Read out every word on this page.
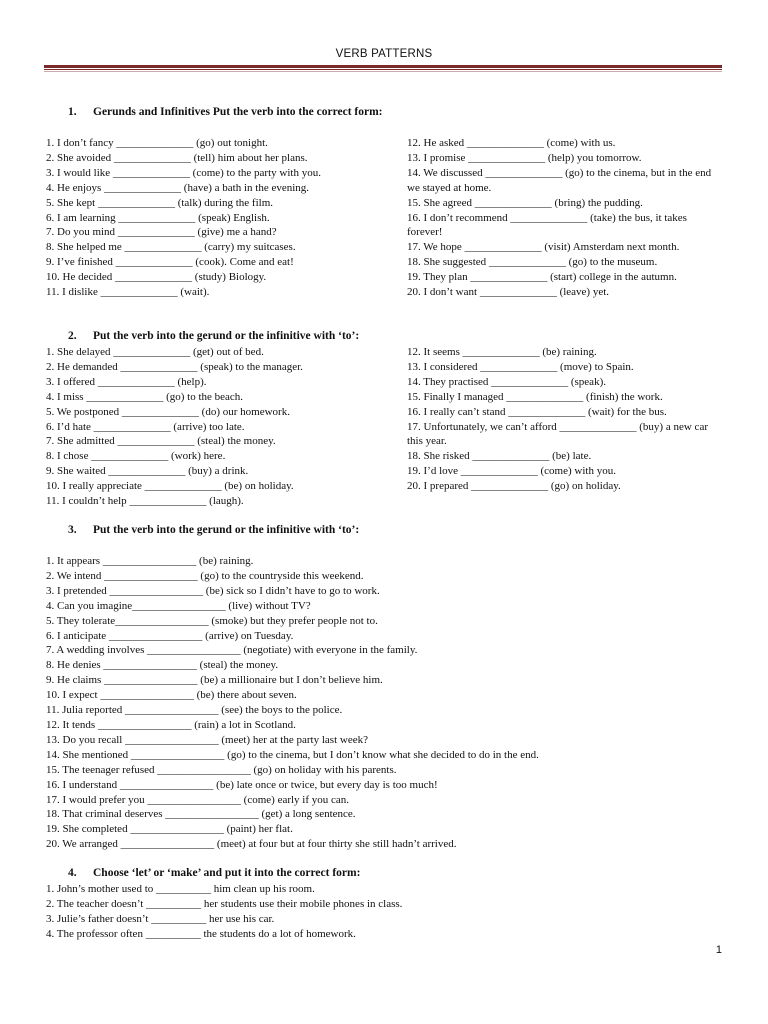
VERB PATTERNS
1. Gerunds and Infinitives Put the verb into the correct form:
1. I don’t fancy ______________ (go) out tonight.
2. She avoided ______________ (tell) him about her plans.
3. I would like ______________ (come) to the party with you.
4. He enjoys ______________ (have) a bath in the evening.
5. She kept ______________ (talk) during the film.
6. I am learning ______________ (speak) English.
7. Do you mind ______________ (give) me a hand?
8. She helped me ______________ (carry) my suitcases.
9. I’ve finished ______________ (cook). Come and eat!
10. He decided ______________ (study) Biology.
11. I dislike ______________ (wait).
12. He asked ______________ (come) with us.
13. I promise ______________ (help) you tomorrow.
14. We discussed ______________ (go) to the cinema, but in the end we stayed at home.
15. She agreed ______________ (bring) the pudding.
16. I don’t recommend ______________ (take) the bus, it takes forever!
17. We hope ______________ (visit) Amsterdam next month.
18. She suggested ______________ (go) to the museum.
19. They plan ______________ (start) college in the autumn.
20. I don’t want ______________ (leave) yet.
2. Put the verb into the gerund or the infinitive with ‘to’:
1. She delayed ______________ (get) out of bed.
2. He demanded ______________ (speak) to the manager.
3. I offered ______________ (help).
4. I miss ______________ (go) to the beach.
5. We postponed ______________ (do) our homework.
6. I’d hate ______________ (arrive) too late.
7. She admitted ______________ (steal) the money.
8. I chose ______________ (work) here.
9. She waited ______________ (buy) a drink.
10. I really appreciate ______________ (be) on holiday.
11. I couldn’t help ______________ (laugh).
12. It seems ______________ (be) raining.
13. I considered ______________ (move) to Spain.
14. They practised ______________ (speak).
15. Finally I managed ______________ (finish) the work.
16. I really can’t stand ______________ (wait) for the bus.
17. Unfortunately, we can’t afford ______________ (buy) a new car this year.
18. She risked ______________ (be) late.
19. I’d love ______________ (come) with you.
20. I prepared ______________ (go) on holiday.
3. Put the verb into the gerund or the infinitive with ‘to’:
1. It appears _________________ (be) raining.
2. We intend _________________ (go) to the countryside this weekend.
3. I pretended _________________ (be) sick so I didn’t have to go to work.
4. Can you imagine_________________ (live) without TV?
5. They tolerate_________________ (smoke) but they prefer people not to.
6. I anticipate _________________ (arrive) on Tuesday.
7. A wedding involves _________________ (negotiate) with everyone in the family.
8. He denies _________________ (steal) the money.
9. He claims _________________ (be) a millionaire but I don’t believe him.
10. I expect _________________ (be) there about seven.
11. Julia reported _________________ (see) the boys to the police.
12. It tends _________________ (rain) a lot in Scotland.
13. Do you recall _________________ (meet) her at the party last week?
14. She mentioned _________________ (go) to the cinema, but I don’t know what she decided to do in the end.
15. The teenager refused _________________ (go) on holiday with his parents.
16. I understand _________________ (be) late once or twice, but every day is too much!
17. I would prefer you _________________ (come) early if you can.
18. That criminal deserves _________________ (get) a long sentence.
19. She completed _________________ (paint) her flat.
20. We arranged _________________ (meet) at four but at four thirty she still hadn’t arrived.
4. Choose ‘let’ or ‘make’ and put it into the correct form:
1. John’s mother used to __________ him clean up his room.
2. The teacher doesn’t __________ her students use their mobile phones in class.
3. Julie’s father doesn’t __________ her use his car.
4. The professor often __________ the students do a lot of homework.
1
